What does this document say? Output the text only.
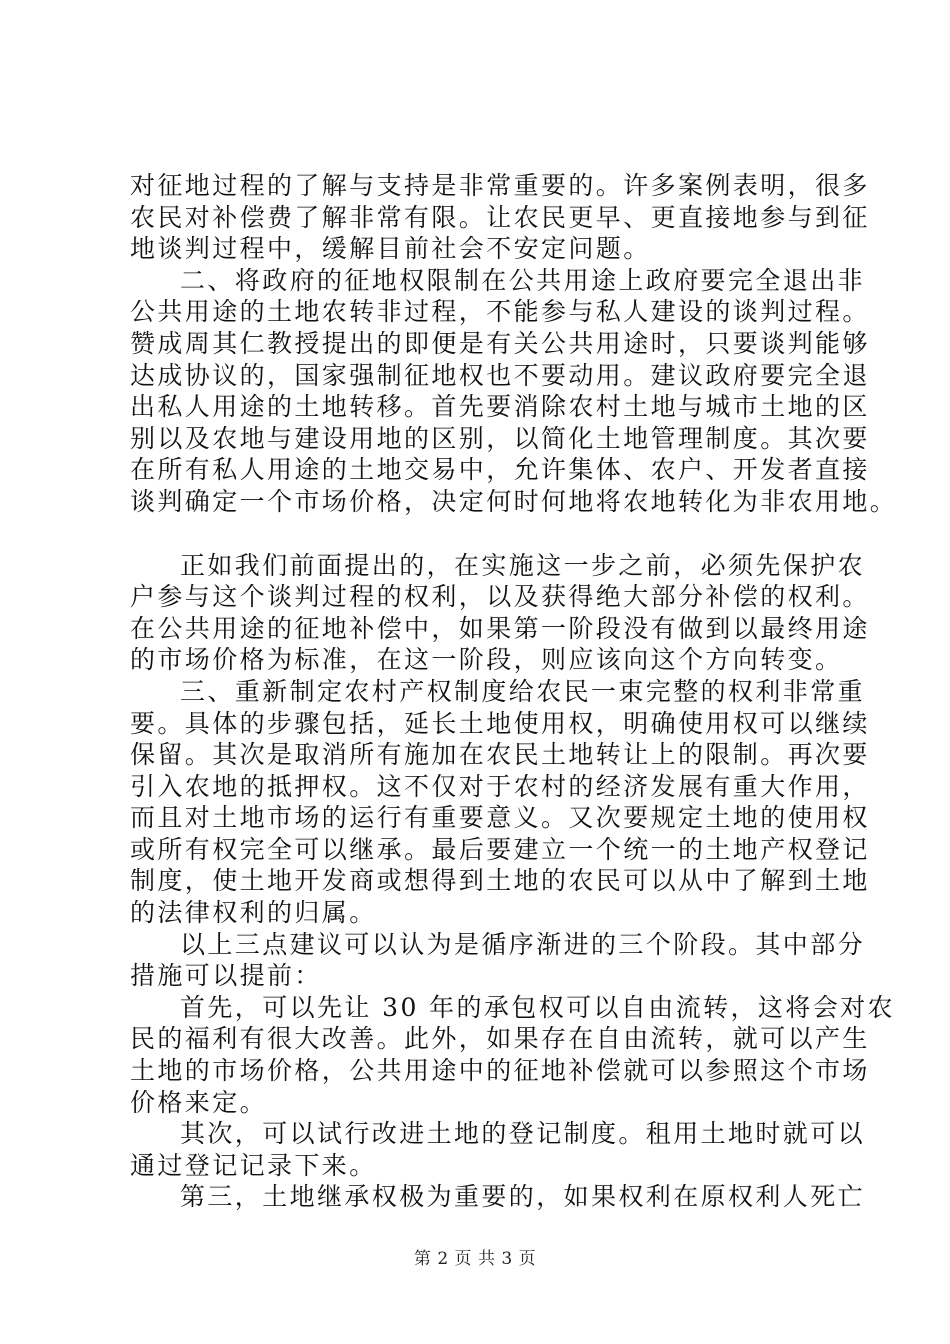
对征地过程的了解与支持是非常重要的。许多案例表明，很多
农民对补偿费了解非常有限。让农民更早、更直接地参与到征
地谈判过程中，缓解目前社会不安定问题。
二、将政府的征地权限制在公共用途上政府要完全退出非
公共用途的土地农转非过程，不能参与私人建设的谈判过程。
赞成周其仁教授提出的即便是有关公共用途时，只要谈判能够
达成协议的，国家强制征地权也不要动用。建议政府要完全退
出私人用途的土地转移。首先要消除农村土地与城市土地的区
别以及农地与建设用地的区别，以简化土地管理制度。其次要
在所有私人用途的土地交易中，允许集体、农户、开发者直接
谈判确定一个市场价格，决定何时何地将农地转化为非农用地。
正如我们前面提出的，在实施这一步之前，必须先保护农
户参与这个谈判过程的权利，以及获得绝大部分补偿的权利。
在公共用途的征地补偿中，如果第一阶段没有做到以最终用途
的市场价格为标准，在这一阶段，则应该向这个方向转变。
三、重新制定农村产权制度给农民一束完整的权利非常重
要。具体的步骤包括，延长土地使用权，明确使用权可以继续
保留。其次是取消所有施加在农民土地转让上的限制。再次要
引入农地的抵押权。这不仅对于农村的经济发展有重大作用，
而且对土地市场的运行有重要意义。又次要规定土地的使用权
或所有权完全可以继承。最后要建立一个统一的土地产权登记
制度，使土地开发商或想得到土地的农民可以从中了解到土地
的法律权利的归属。
以上三点建议可以认为是循序渐进的三个阶段。其中部分
措施可以提前：
首先，可以先让 30 年的承包权可以自由流转，这将会对农
民的福利有很大改善。此外，如果存在自由流转，就可以产生
土地的市场价格，公共用途中的征地补偿就可以参照这个市场
价格来定。
其次，可以试行改进土地的登记制度。租用土地时就可以
通过登记记录下来。
第三，土地继承权极为重要的，如果权利在原权利人死亡
第 2 页 共 3 页
